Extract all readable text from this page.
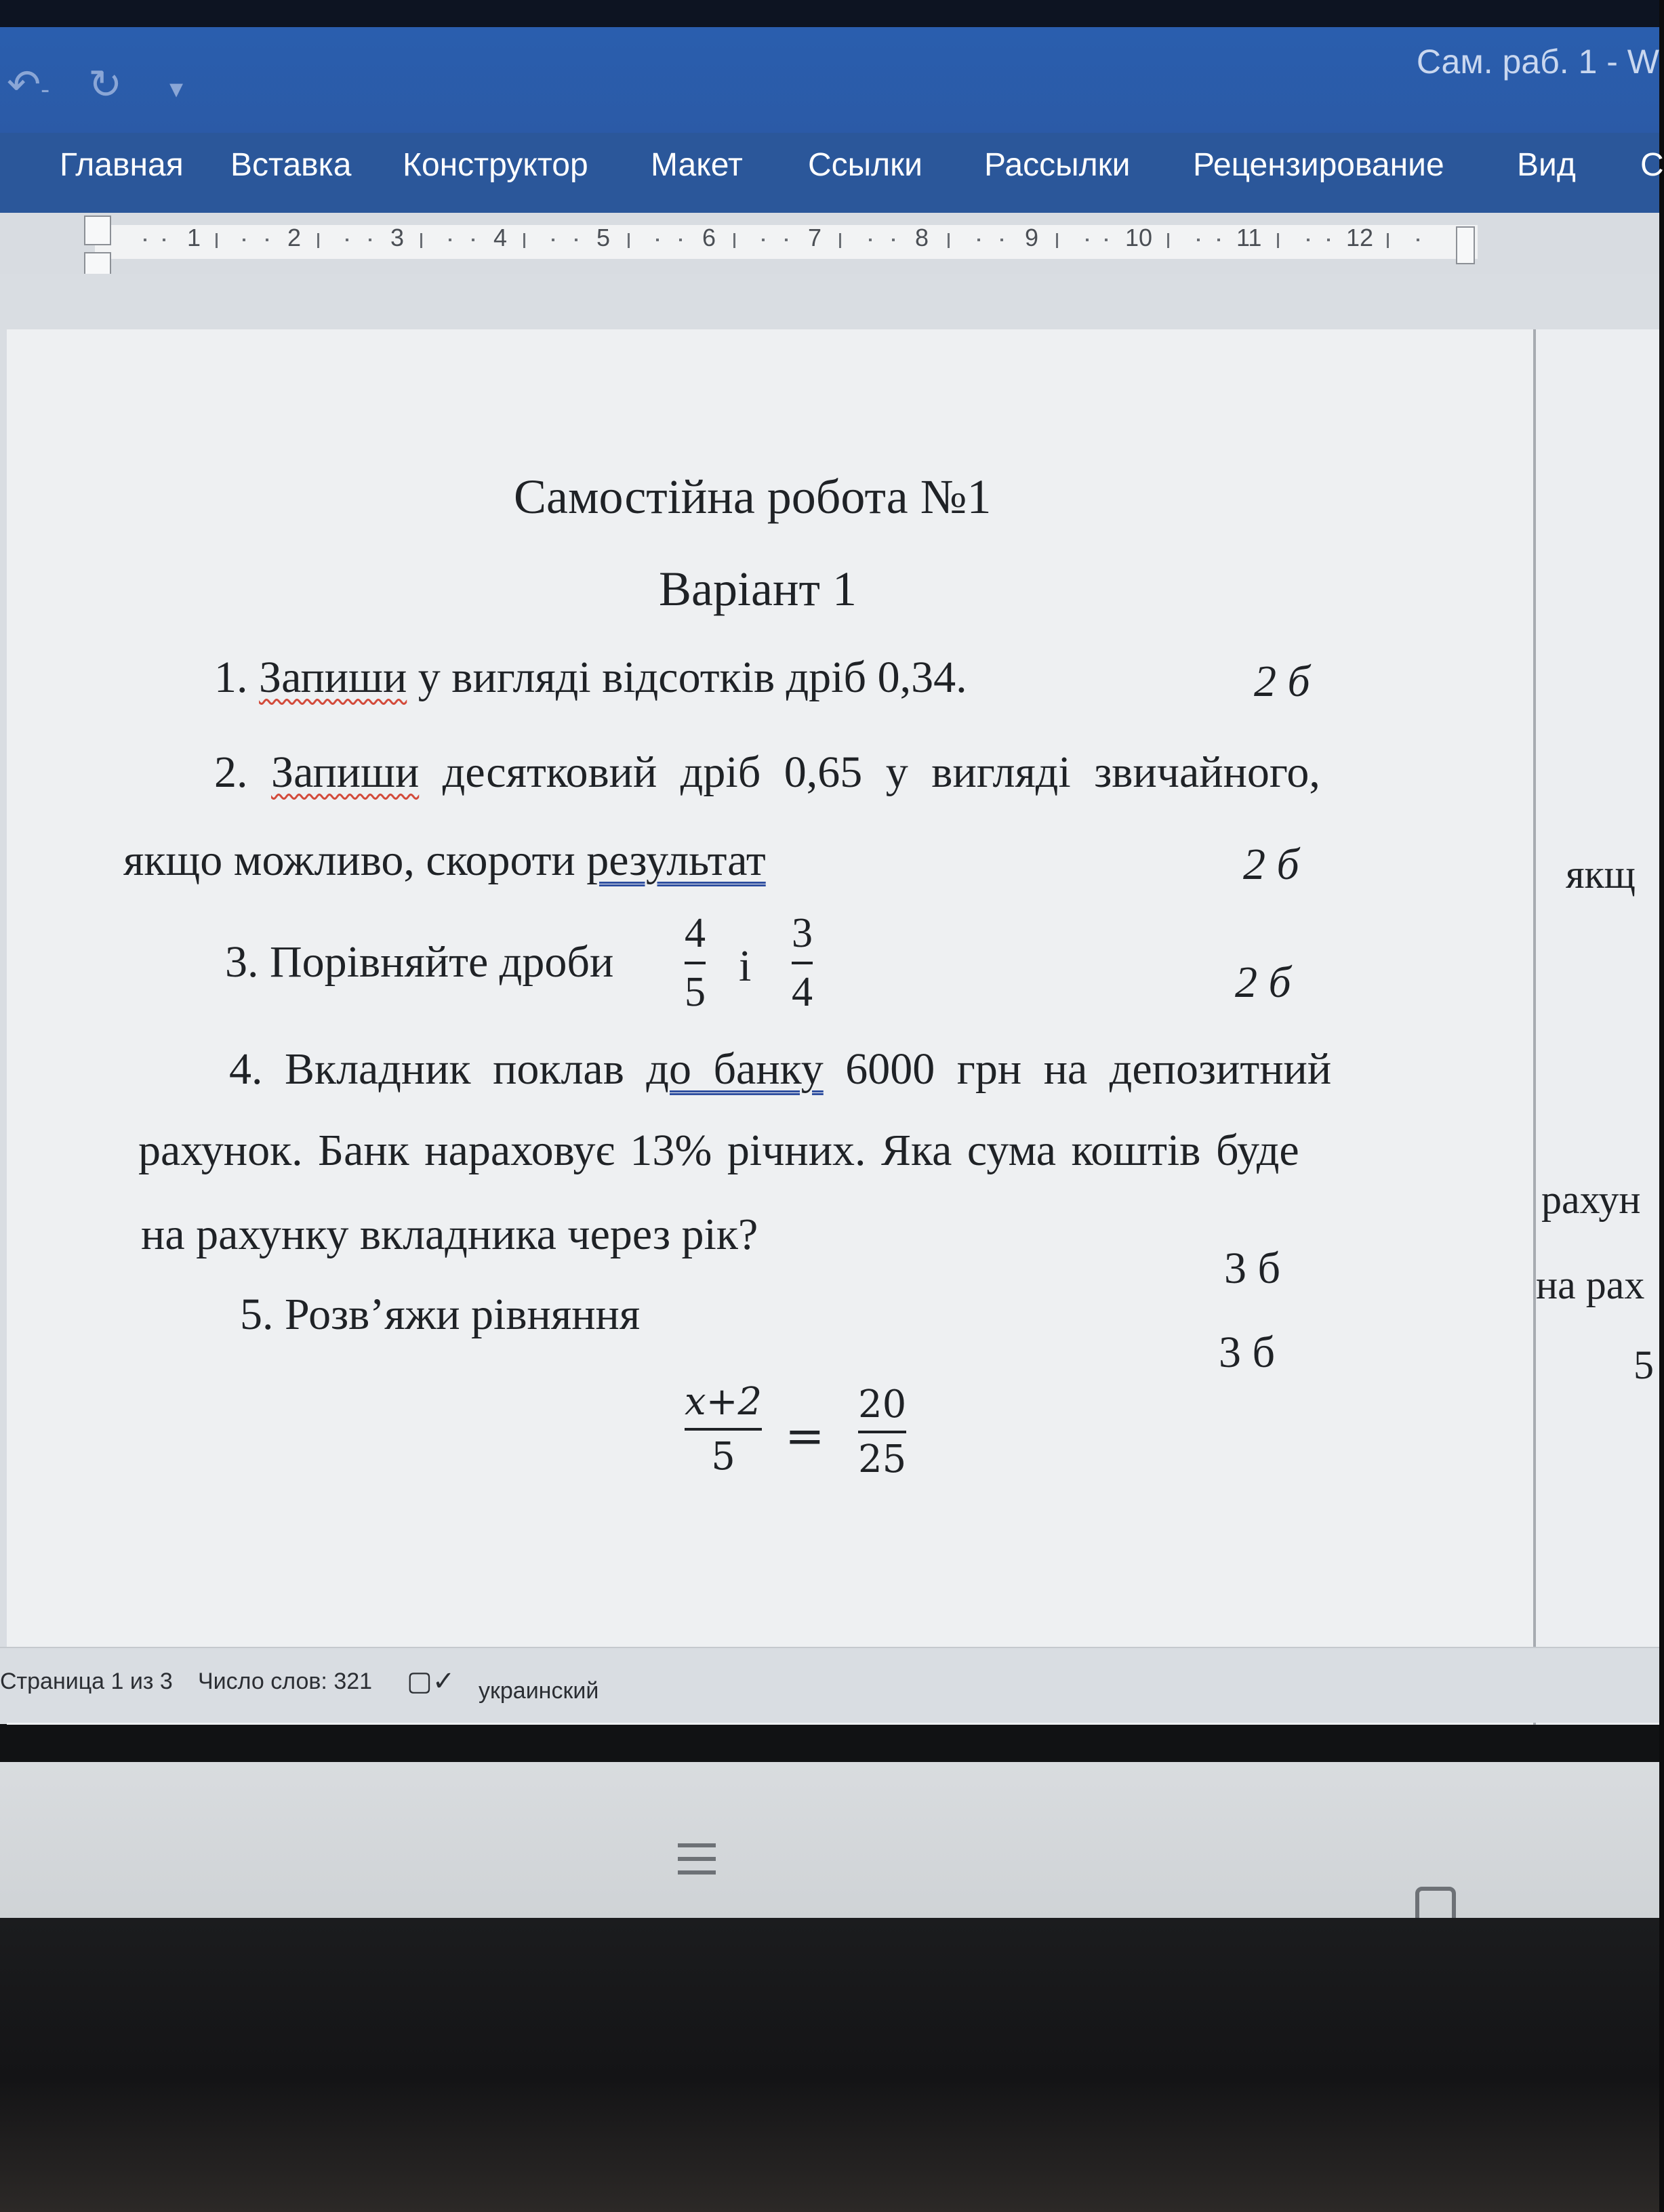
↶ - ↻ ▾
Сам. раб. 1 - W
Главная Вставка Конструктор Макет Ссылки Рассылки Рецензирование Вид С
1	2	3	4	5	6	7	8	9	10	11	12
Самостійна робота №1
Варіант 1
1. Запиши у вигляді відсотків дріб 0,34.	2 б
2. Запиши десятковий дріб 0,65 у вигляді звичайного,
якщо можливо, скороти результат	2 б
3. Порівняйте дроби $\frac{4}{5}$ і $\frac{3}{4}$	2 б
4. Вкладник поклав до банку 6000 грн на депозитний
рахунок. Банк нараховує 13% річних. Яка сума коштів буде
на рахунку вкладника через рік?
3 б
5. Розв’яжи рівняння
3 б
$\frac{x+2}{5} = \frac{20}{25}$
якщ
рахун
на рах
5
Страница 1 из 3 Число слов: 321 ▢✓ украинский
